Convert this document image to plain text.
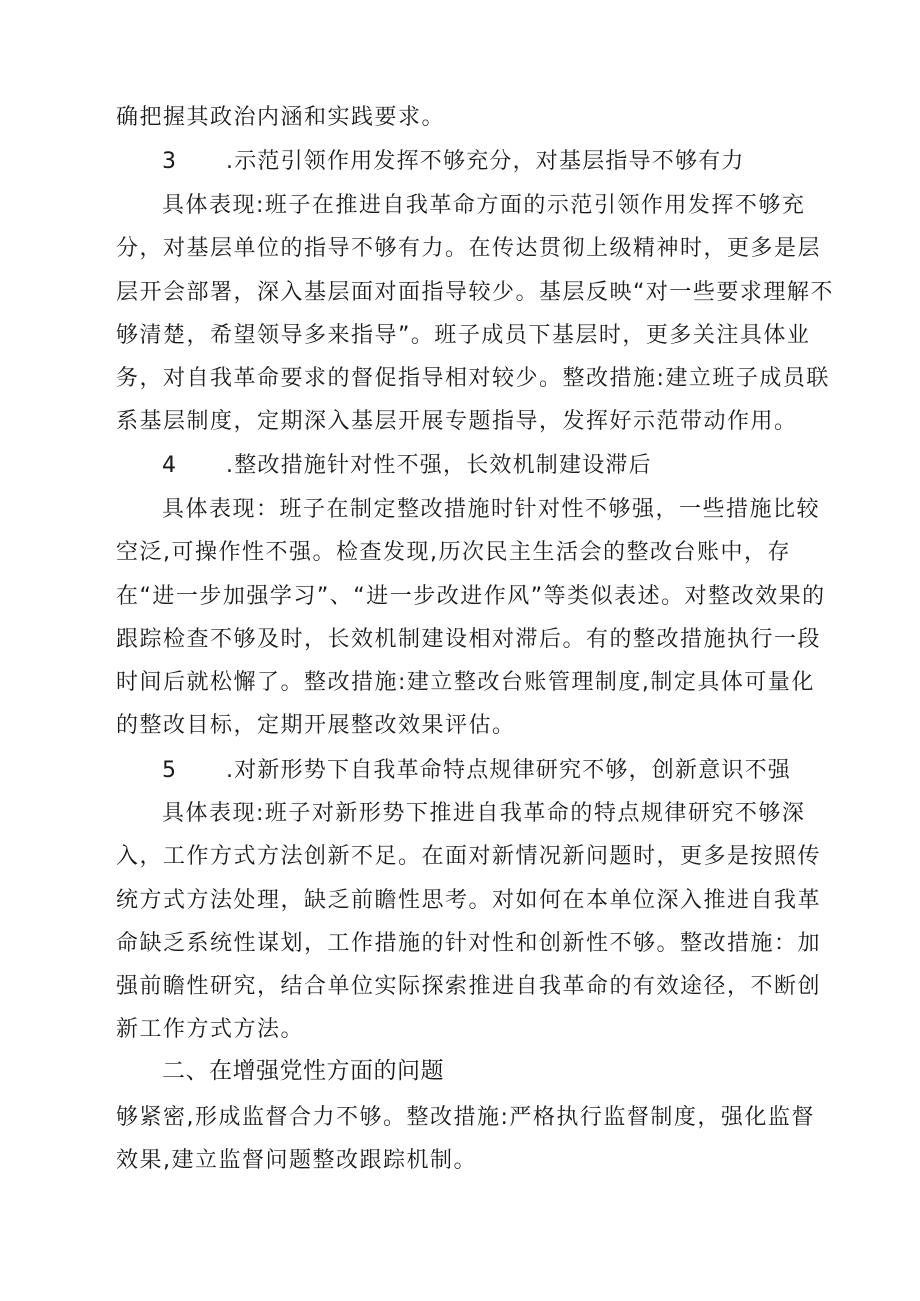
确把握其政治内涵和实践要求。

3 .示范引领作用发挥不够充分，对基层指导不够有力

具体表现:班子在推进自我革命方面的示范引领作用发挥不够充分，对基层单位的指导不够有力。在传达贯彻上级精神时，更多是层层开会部署，深入基层面对面指导较少。基层反映“对一些要求理解不够清楚，希望领导多来指导”。班子成员下基层时，更多关注具体业务，对自我革命要求的督促指导相对较少。整改措施:建立班子成员联系基层制度，定期深入基层开展专题指导，发挥好示范带动作用。

4 .整改措施针对性不强，长效机制建设滞后

具体表现：班子在制定整改措施时针对性不够强，一些措施比较空泛,可操作性不强。检查发现,历次民主生活会的整改台账中，存在“进一步加强学习”、“进一步改进作风”等类似表述。对整改效果的跟踪检查不够及时，长效机制建设相对滞后。有的整改措施执行一段时间后就松懈了。整改措施:建立整改台账管理制度,制定具体可量化的整改目标，定期开展整改效果评估。

5 .对新形势下自我革命特点规律研究不够，创新意识不强

具体表现:班子对新形势下推进自我革命的特点规律研究不够深入，工作方式方法创新不足。在面对新情况新问题时，更多是按照传统方式方法处理，缺乏前瞻性思考。对如何在本单位深入推进自我革命缺乏系统性谋划，工作措施的针对性和创新性不够。整改措施：加强前瞻性研究，结合单位实际探索推进自我革命的有效途径，不断创新工作方式方法。

二、在增强党性方面的问题

够紧密,形成监督合力不够。整改措施:严格执行监督制度，强化监督效果,建立监督问题整改跟踪机制。
